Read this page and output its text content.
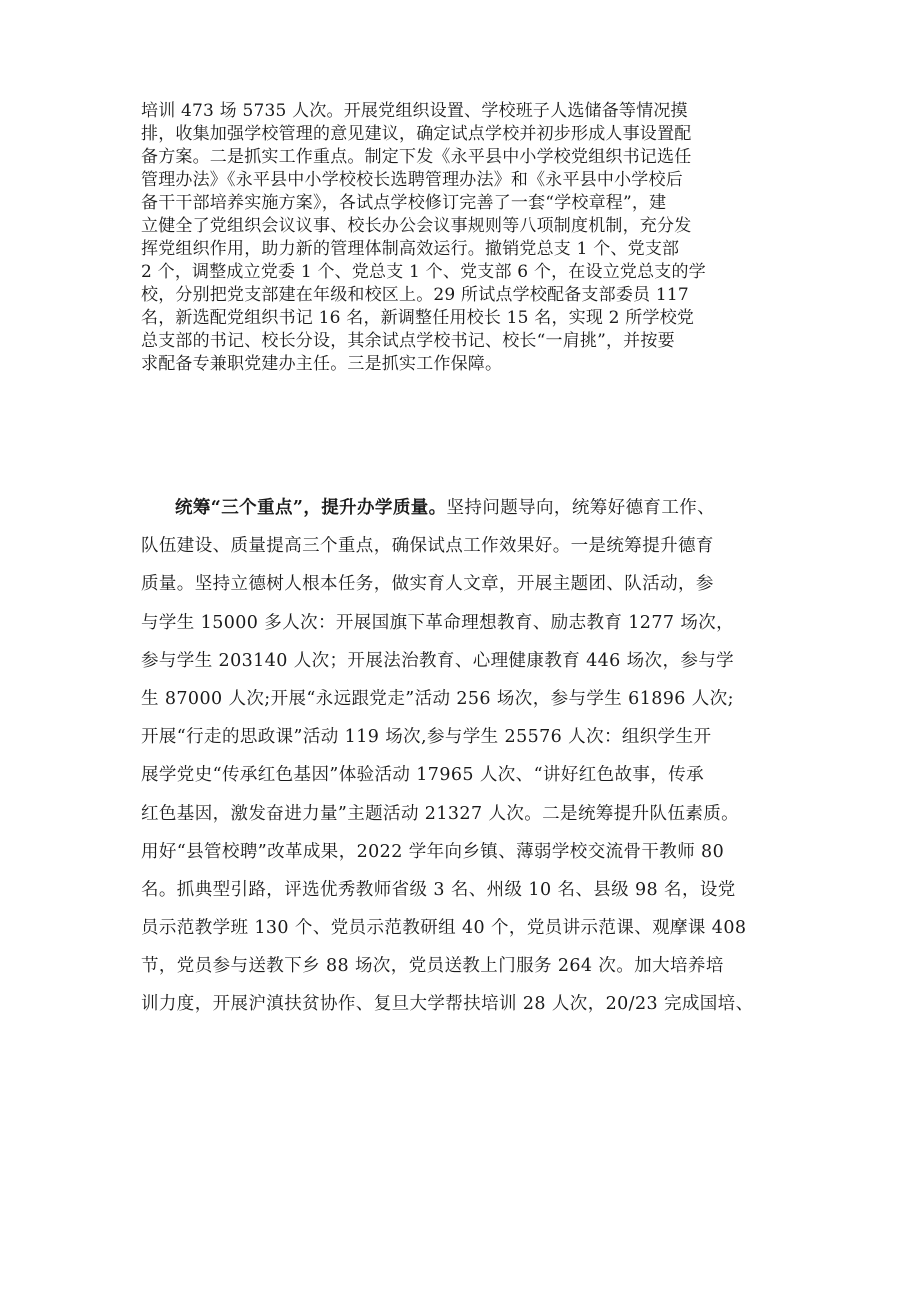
培训 473 场 5735 人次。开展党组织设置、学校班子人选储备等情况摸
排，收集加强学校管理的意见建议，确定试点学校并初步形成人事设置配
备方案。二是抓实工作重点。制定下发《永平县中小学校党组织书记选任
管理办法》《永平县中小学校校长选聘管理办法》和《永平县中小学校后
备干干部培养实施方案》，各试点学校修订完善了一套“学校章程”，建
立健全了党组织会议议事、校长办公会议事规则等八项制度机制，充分发
挥党组织作用，助力新的管理体制高效运行。撤销党总支 1 个、党支部
2 个，调整成立党委 1 个、党总支 1 个、党支部 6 个，在设立党总支的学
校，分别把党支部建在年级和校区上。29 所试点学校配备支部委员 117
名，新选配党组织书记 16 名，新调整任用校长 15 名，实现 2 所学校党
总支部的书记、校长分设，其余试点学校书记、校长“一肩挑”，并按要
求配备专兼职党建办主任。三是抓实工作保障。
统筹“三个重点”，提升办学质量。坚持问题导向，统筹好德育工作、
队伍建设、质量提高三个重点，确保试点工作效果好。一是统筹提升德育
质量。坚持立德树人根本任务，做实育人文章，开展主题团、队活动，参
与学生 15000 多人次：开展国旗下革命理想教育、励志教育 1277 场次，
参与学生 203140 人次；开展法治教育、心理健康教育 446 场次，参与学
生 87000 人次;开展“永远跟党走”活动 256 场次，参与学生 61896 人次;
开展“行走的思政课”活动 119 场次,参与学生 25576 人次：组织学生开
展学党史“传承红色基因”体验活动 17965 人次、“讲好红色故事，传承
红色基因，激发奋进力量”主题活动 21327 人次。二是统筹提升队伍素质。
用好“县管校聘”改革成果，2022 学年向乡镇、薄弱学校交流骨干教师 80
名。抓典型引路，评选优秀教师省级 3 名、州级 10 名、县级 98 名，设党
员示范教学班 130 个、党员示范教研组 40 个，党员讲示范课、观摩课 408
节，党员参与送教下乡 88 场次，党员送教上门服务 264 次。加大培养培
训力度，开展沪滇扶贫协作、复旦大学帮扶培训 28 人次，20/23 完成国培、
